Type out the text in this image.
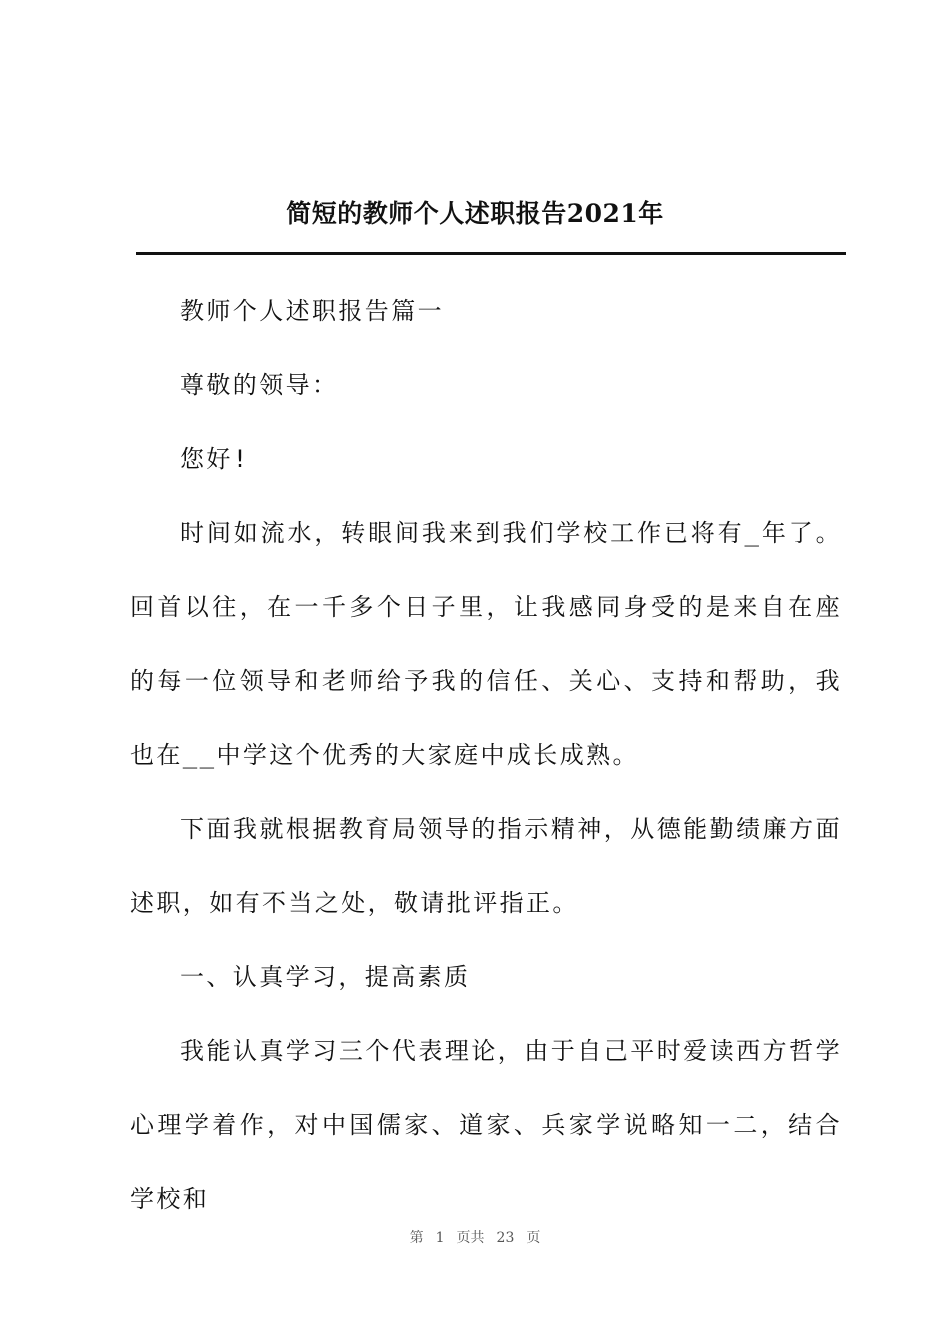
简短的教师个人述职报告2021年

教师个人述职报告篇一

尊敬的领导：

您好!

时间如流水，转眼间我来到我们学校工作已将有_年了。回首以往，在一千多个日子里，让我感同身受的是来自在座的每一位领导和老师给予我的信任、关心、支持和帮助，我也在__中学这个优秀的大家庭中成长成熟。

下面我就根据教育局领导的指示精神，从德能勤绩廉方面述职，如有不当之处，敬请批评指正。

一、认真学习，提高素质

我能认真学习三个代表理论，由于自己平时爱读西方哲学心理学着作，对中国儒家、道家、兵家学说略知一二，结合学校和

第 1 页共 23 页
